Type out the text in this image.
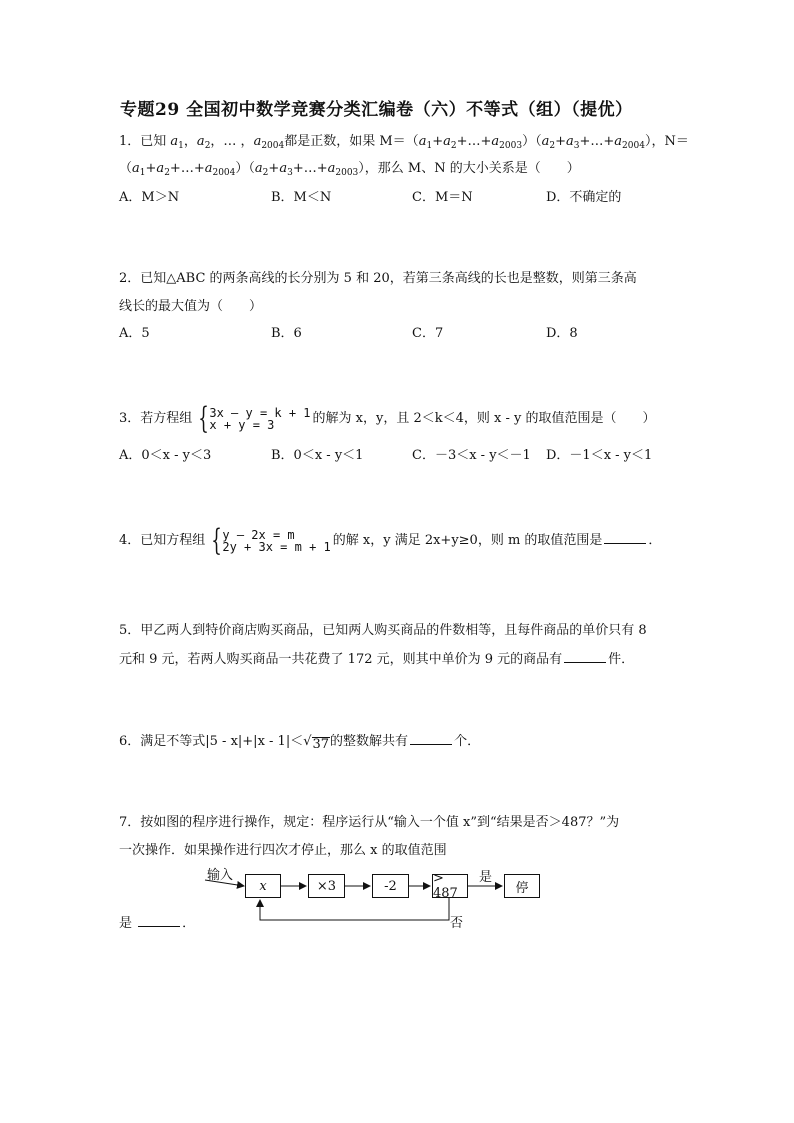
专题29 全国初中数学竞赛分类汇编卷（六）不等式（组）（提优）
1．已知 $a_1$，$a_2$，… ，$a_{2004}$都是正数，如果 $M=(a_1+a_2+\dots+a_{2003})(a_2+a_3+\dots+a_{2004})$，N＝
$(a_1+a_2+\dots+a_{2004})(a_2+a_3+\dots+a_{2003})$，那么 M、N 的大小关系是（　　）
A．M＞N	B．M＜N	C．M＝N	D．不确定的
2．已知△ABC 的两条高线的长分别为 5 和 20，若第三条高线的长也是整数，则第三条高
线长的最大值为（　　）
A．5	B．6	C．7	D．8
3．若方程组 { 3x – y = k + 1
x + y = 3	的解为 x，y，且 2＜k＜4，则 x - y 的取值范围是（　　）
A．0＜x - y＜3	B．0＜x - y＜1	C．－3＜x - y＜－1 D．－1＜x - y＜1
4．已知方程组 { y – 2x = m
2y + 3x = m + 1 的解 x，y 满足 2x+y≥0，则 m 的取值范围是	．
5．甲乙两人到特价商店购买商品，已知两人购买商品的件数相等，且每件商品的单价只有 8
元和 9 元，若两人购买商品一共花费了 172 元，则其中单价为 9 元的商品有	件．
6．满足不等式|5 - x|+|x - 1|＜ √ 37 的整数解共有	个．
7．按如图的程序进行操作，规定：程序运行从“输入一个值 x”到“结果是否＞487？”为
一次操作．如果操作进行四次才停止，那么 x 的取值范围
输入
x	×3	-2	> 487
是
停
否
是	．
